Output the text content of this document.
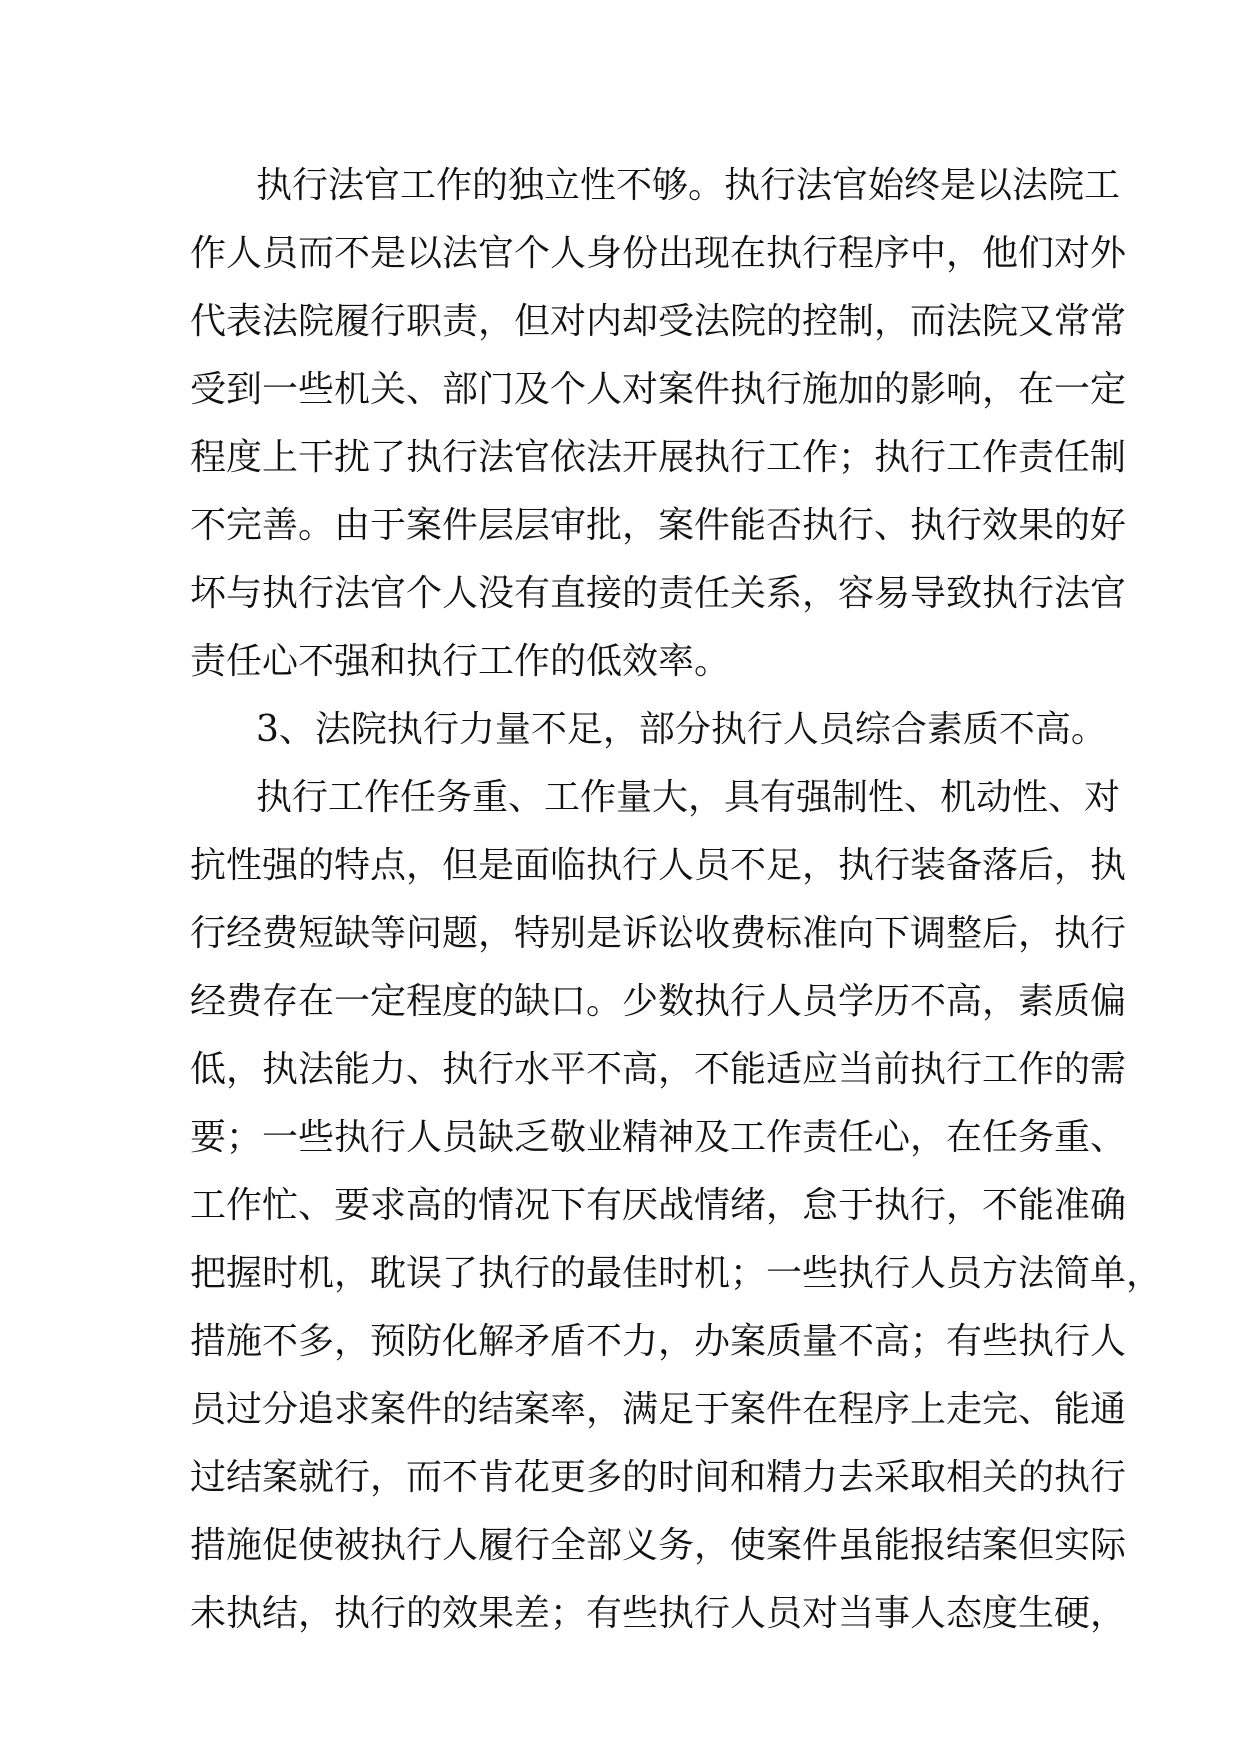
执行法官工作的独立性不够。执行法官始终是以法院工
作人员而不是以法官个人身份出现在执行程序中，他们对外
代表法院履行职责，但对内却受法院的控制，而法院又常常
受到一些机关、部门及个人对案件执行施加的影响，在一定
程度上干扰了执行法官依法开展执行工作；执行工作责任制
不完善。由于案件层层审批，案件能否执行、执行效果的好
坏与执行法官个人没有直接的责任关系，容易导致执行法官
责任心不强和执行工作的低效率。
3、法院执行力量不足，部分执行人员综合素质不高。
执行工作任务重、工作量大，具有强制性、机动性、对
抗性强的特点，但是面临执行人员不足，执行装备落后，执
行经费短缺等问题，特别是诉讼收费标准向下调整后，执行
经费存在一定程度的缺口。少数执行人员学历不高，素质偏
低，执法能力、执行水平不高，不能适应当前执行工作的需
要；一些执行人员缺乏敬业精神及工作责任心，在任务重、
工作忙、要求高的情况下有厌战情绪，怠于执行，不能准确
把握时机，耽误了执行的最佳时机；一些执行人员方法简单，
措施不多，预防化解矛盾不力，办案质量不高；有些执行人
员过分追求案件的结案率，满足于案件在程序上走完、能通
过结案就行，而不肯花更多的时间和精力去采取相关的执行
措施促使被执行人履行全部义务，使案件虽能报结案但实际
未执结，执行的效果差；有些执行人员对当事人态度生硬，
